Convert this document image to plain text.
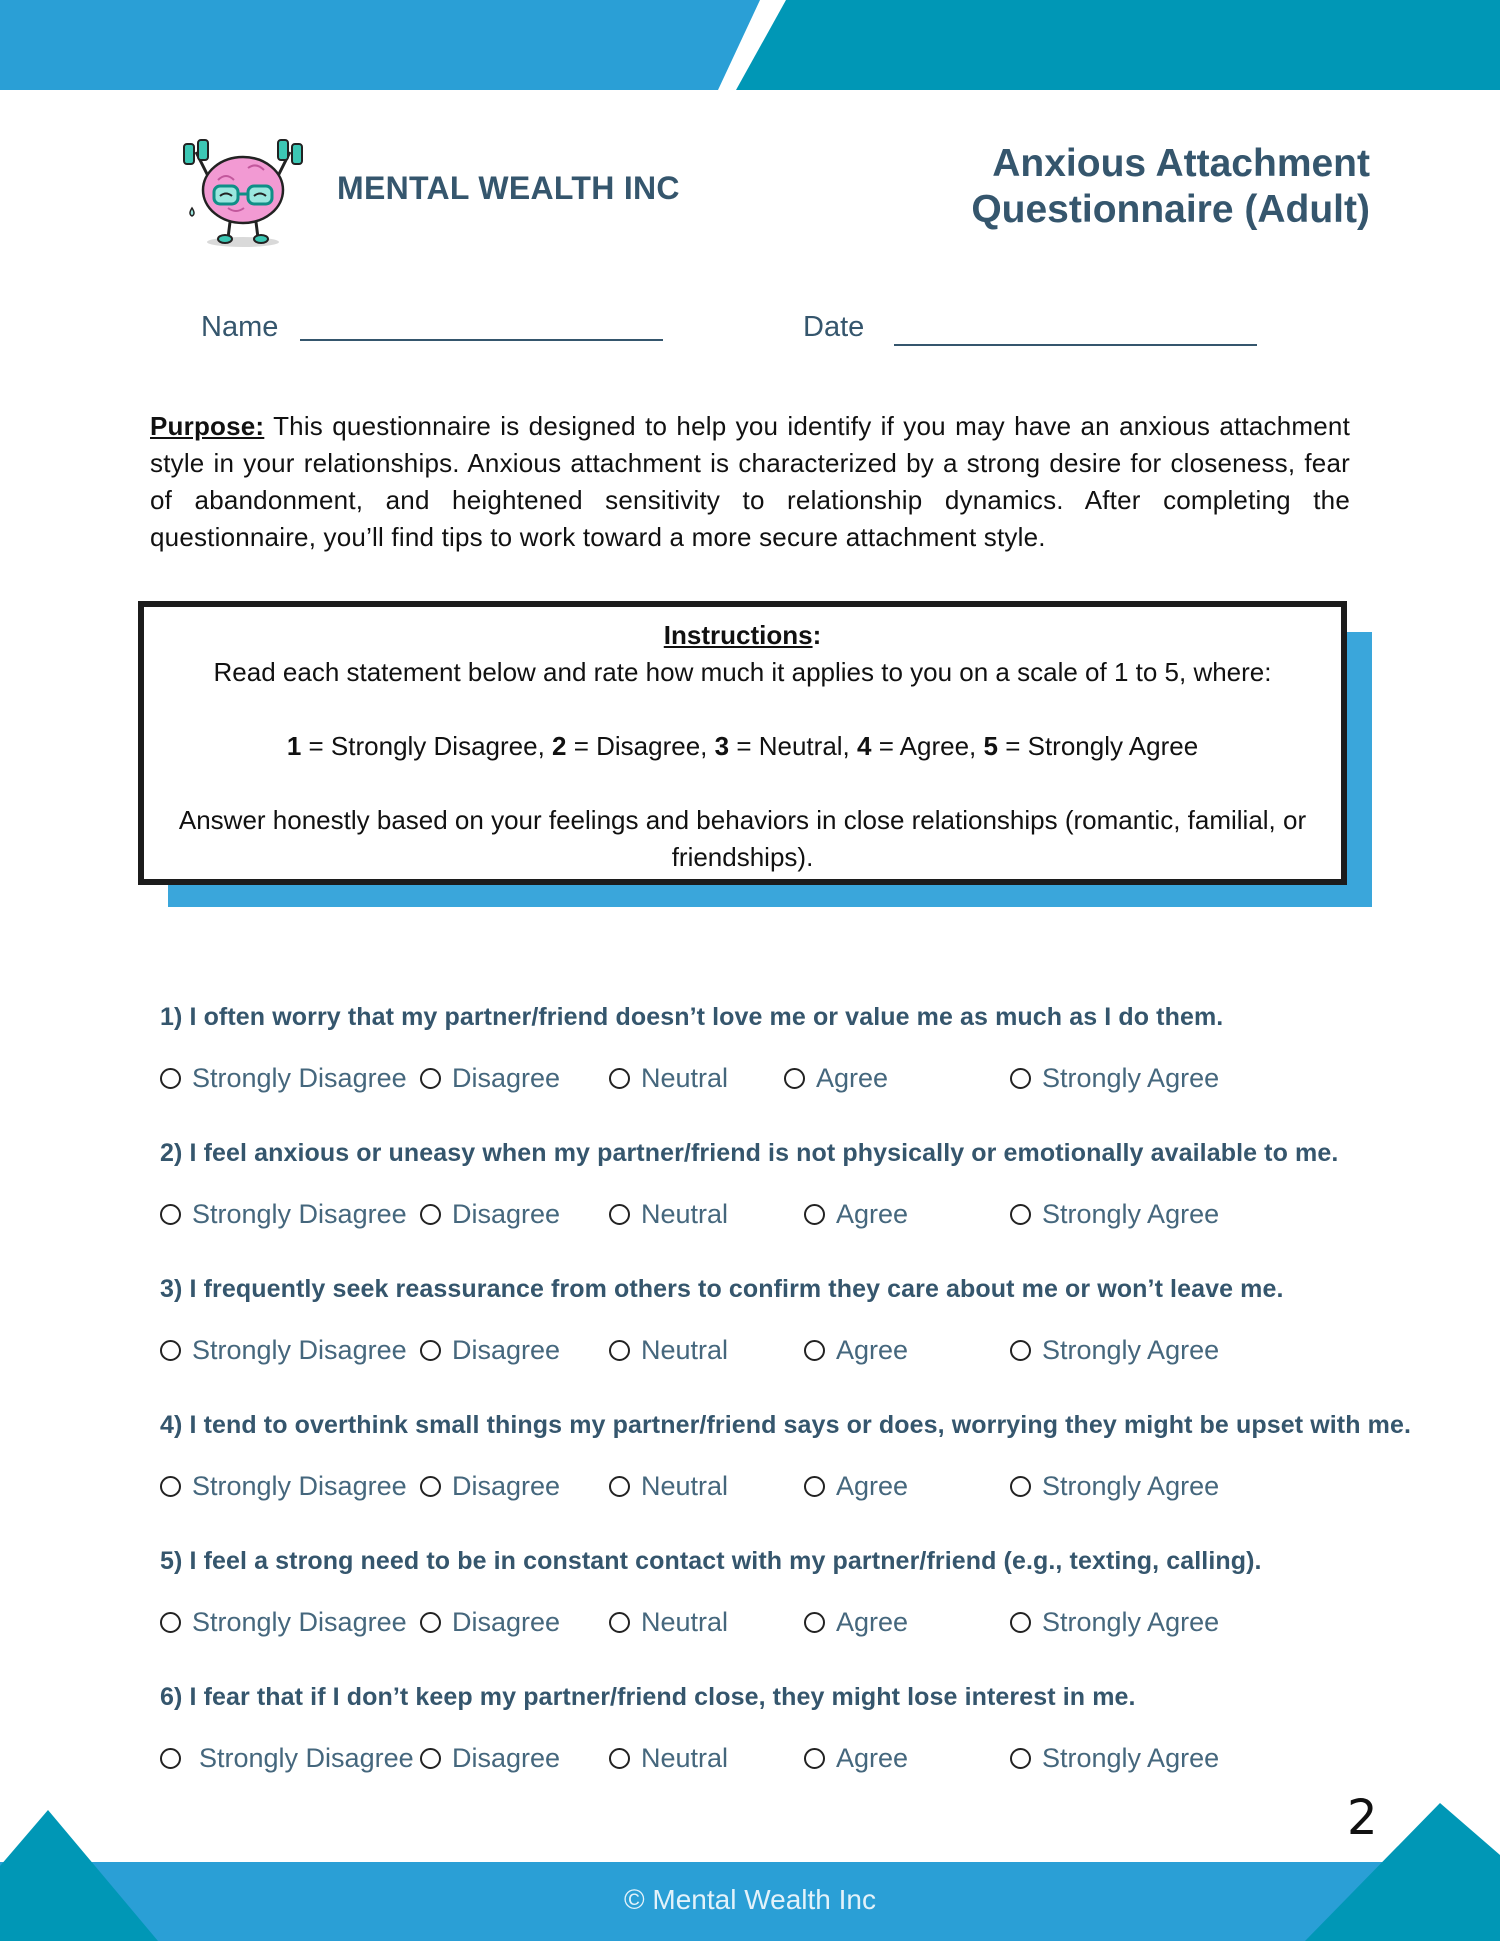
MENTAL WEALTH INC
Anxious Attachment
Questionnaire (Adult)
Name	Date
Purpose: This questionnaire is designed to help you identify if you may have an anxious attachment style in your relationships. Anxious attachment is characterized by a strong desire for closeness, fear of abandonment, and heightened sensitivity to relationship dynamics. After completing the questionnaire, you’ll find tips to work toward a more secure attachment style.
Instructions:
Read each statement below and rate how much it applies to you on a scale of 1 to 5, where:
1 = Strongly Disagree, 2 = Disagree, 3 = Neutral, 4 = Agree, 5 = Strongly Agree
Answer honestly based on your feelings and behaviors in close relationships (romantic, familial, or friendships).
1) I often worry that my partner/friend doesn’t love me or value me as much as I do them.
Strongly Disagree Disagree	Neutral	Agree	Strongly Agree
2) I feel anxious or uneasy when my partner/friend is not physically or emotionally available to me.
Strongly Disagree Disagree	Neutral	Agree	Strongly Agree
3) I frequently seek reassurance from others to confirm they care about me or won’t leave me.
Strongly Disagree Disagree	Neutral	Agree	Strongly Agree
4) I tend to overthink small things my partner/friend says or does, worrying they might be upset with me.
Strongly Disagree Disagree	Neutral	Agree	Strongly Agree
5) I feel a strong need to be in constant contact with my partner/friend (e.g., texting, calling).
Strongly Disagree Disagree	Neutral	Agree	Strongly Agree
6) I fear that if I don’t keep my partner/friend close, they might lose interest in me.
Strongly Disagree Disagree	Neutral	Agree	Strongly Agree
© Mental Wealth Inc
2
